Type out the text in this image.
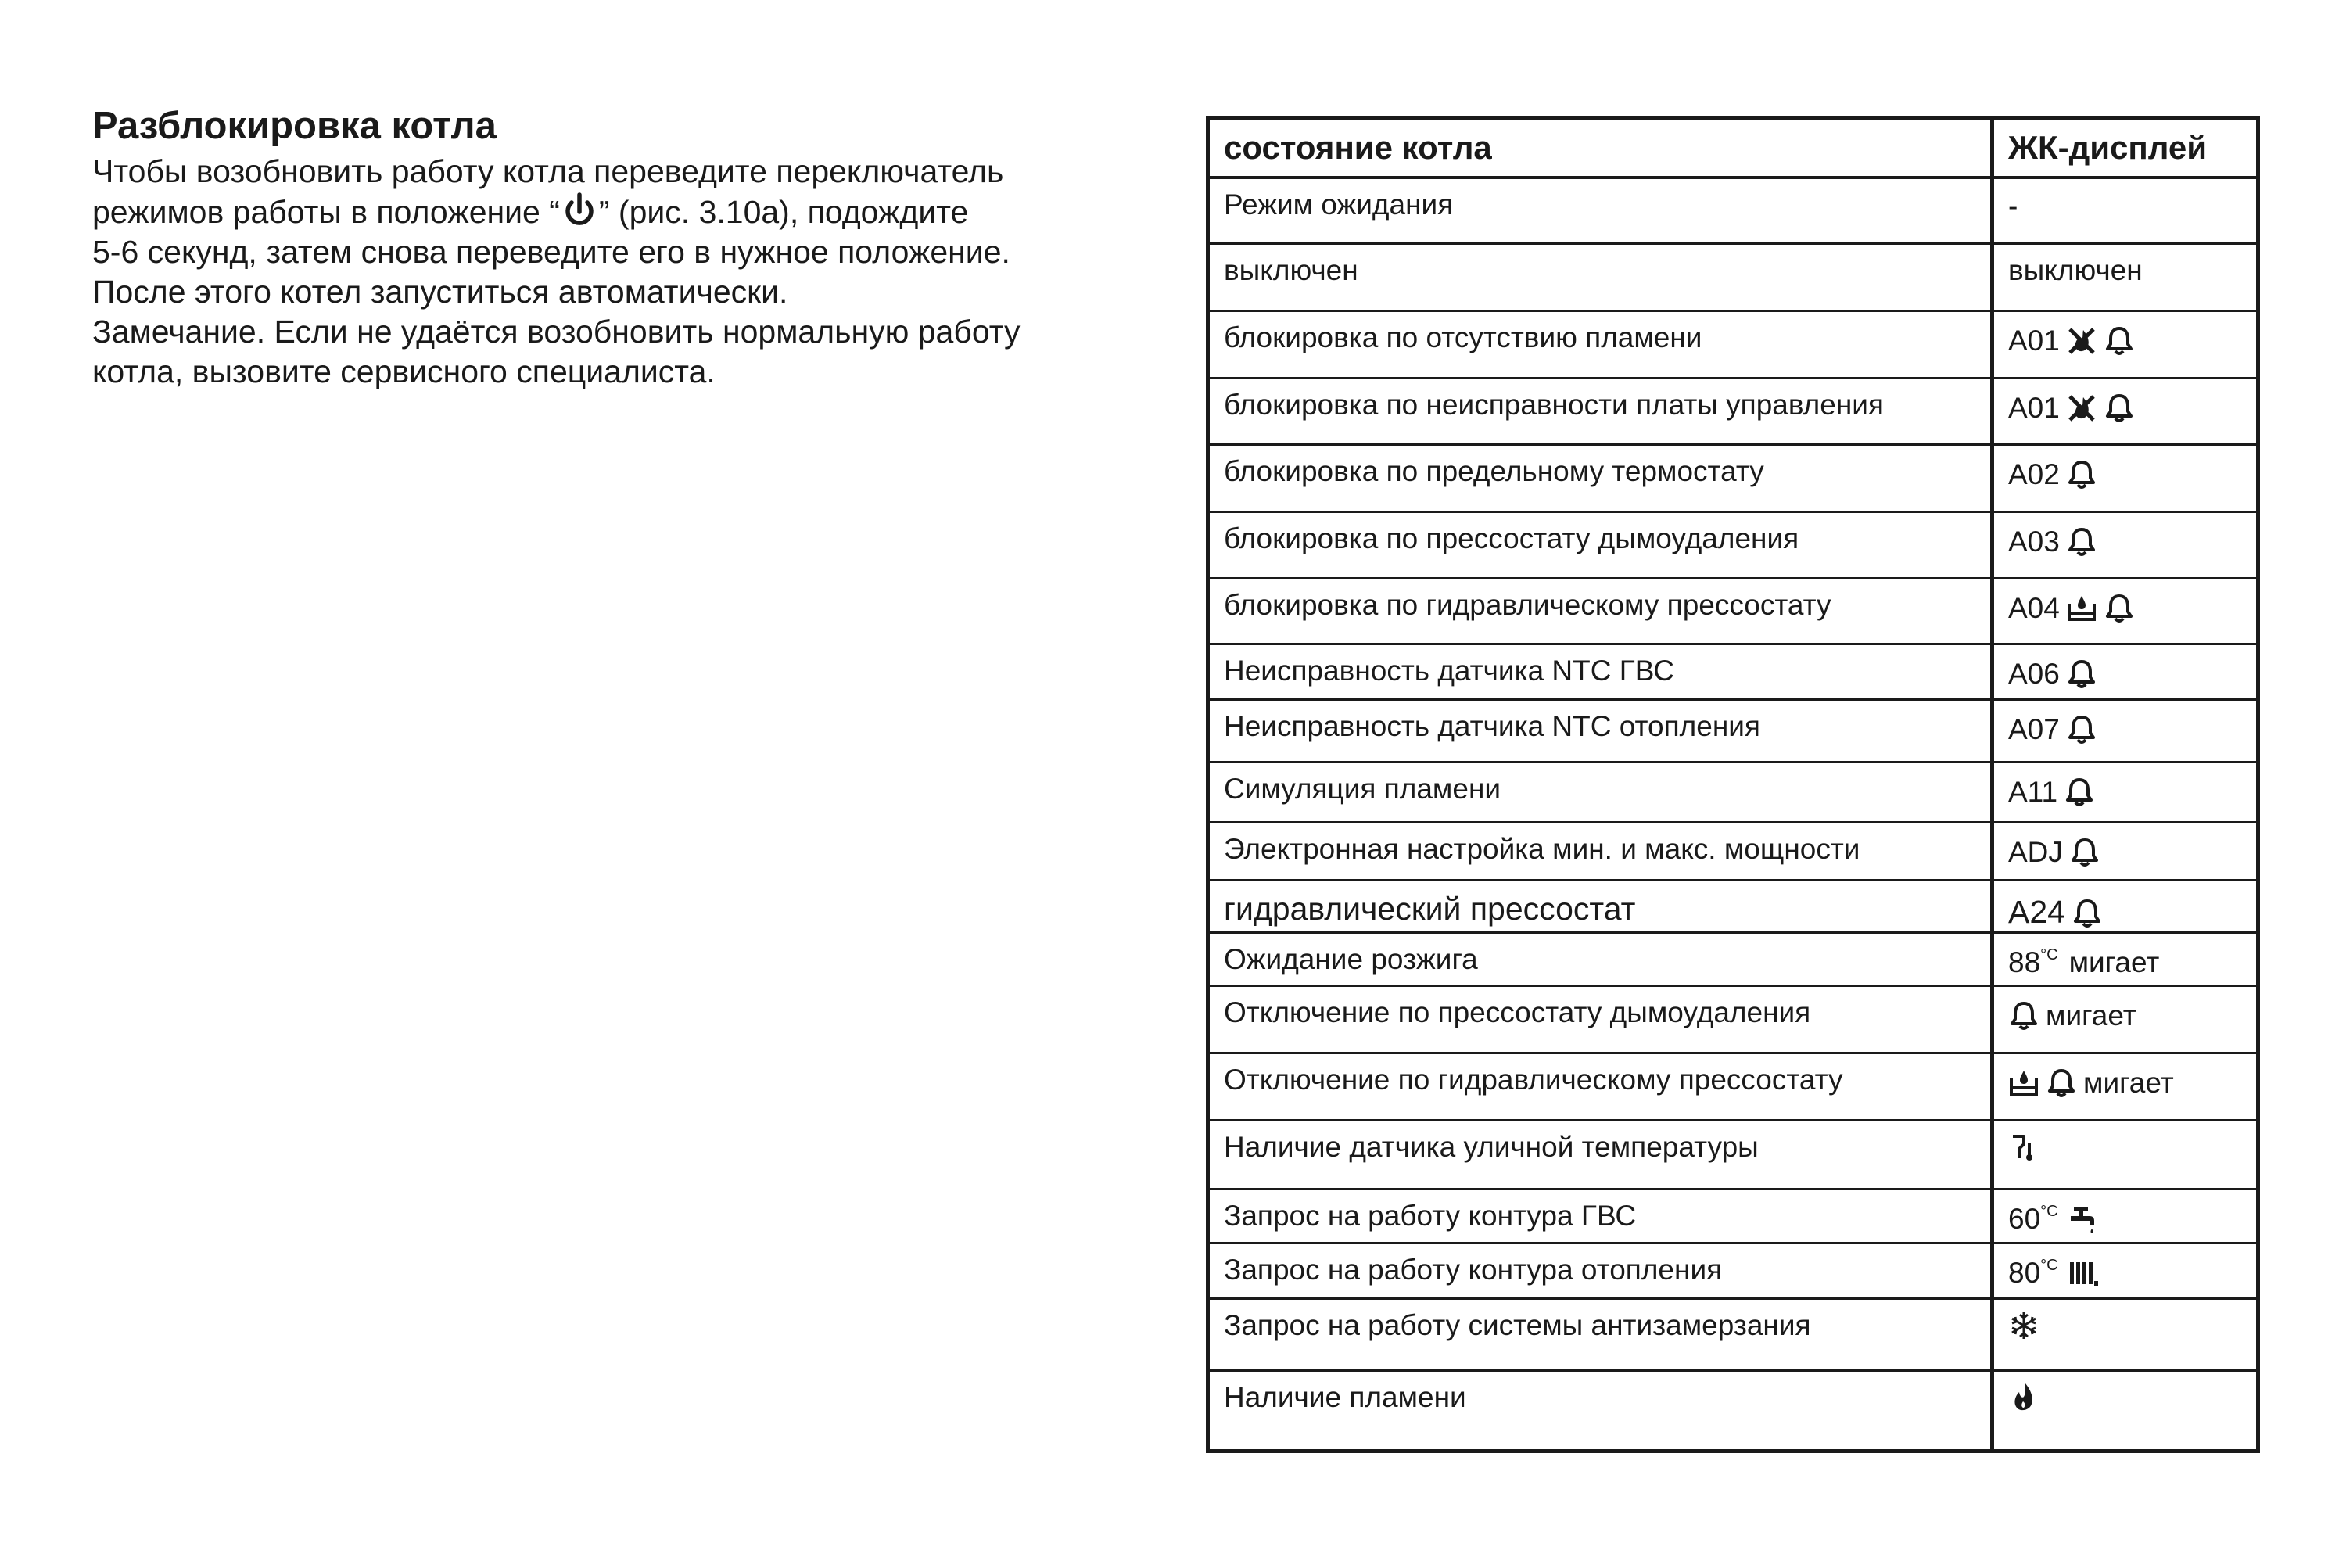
Разблокировка котла

Чтобы возобновить работу котла переведите переключатель

режимов работы в положение “ ” (рис. 3.10a), подождите

5-6 секунд, затем снова переведите его в нужное положение.

После этого котел запуститься автоматически.

Замечание. Если не удаётся возобновить нормальную работу

котла, вызовите сервисного специалиста.

состояние котла	ЖК-дисплей
Режим ожидания	-
выключен	выключен
блокировка по отсутствию пламени	A01
блокировка по неисправности платы управления	A01
блокировка по предельному термостату	A02
блокировка по прессостату дымоудаления	A03
блокировка по гидравлическому прессостату	A04
Неисправность датчика NTC ГВС	A06
Неисправность датчика NTC отопления	A07
Симуляция пламени	A11
Электронная настройка мин. и макс. мощности	ADJ
гидравлический прессостат	A24
Ожидание розжига	$88^{^\circ C}$ мигает
Отключение по прессостату дымоудаления	мигает
Отключение по гидравлическому прессостату	мигает
Наличие датчика уличной температуры	
Запрос на работу контура ГВС	$60^{^\circ C}$
Запрос на работу контура отопления	$80^{^\circ C}$
Запрос на работу системы антизамерзания	
Наличие пламени	
